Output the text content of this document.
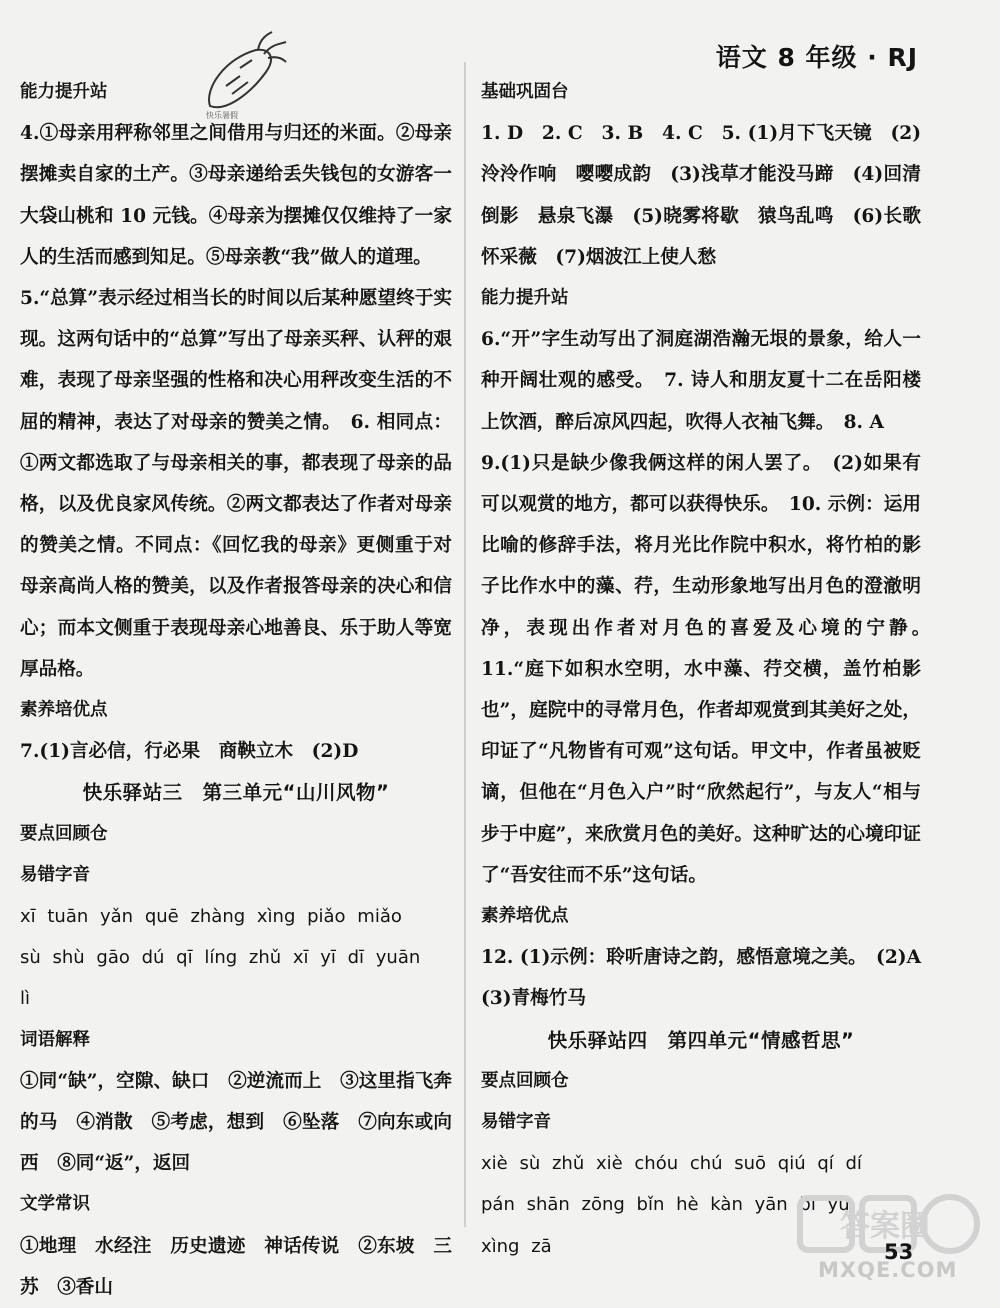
语文 8 年级 · RJ
快乐暑假
能力提升站
4.①母亲用秤称邻里之间借用与归还的米面。②母亲摆摊卖自家的土产。③母亲递给丢失钱包的女游客一大袋山桃和 10 元钱。④母亲为摆摊仅仅维持了一家人的生活而感到知足。⑤母亲教“我”做人的道理。
5.“总算”表示经过相当长的时间以后某种愿望终于实现。这两句话中的“总算”写出了母亲买秤、认秤的艰难，表现了母亲坚强的性格和决心用秤改变生活的不屈的精神，表达了对母亲的赞美之情。　6. 相同点：①两文都选取了与母亲相关的事，都表现了母亲的品格，以及优良家风传统。②两文都表达了作者对母亲的赞美之情。不同点：《回忆我的母亲》更侧重于对母亲高尚人格的赞美，以及作者报答母亲的决心和信心；而本文侧重于表现母亲心地善良、乐于助人等宽厚品格。
素养培优点
7.(1)言必信，行必果　商鞅立木　(2)D
快乐驿站三　第三单元“山川风物”
要点回顾仓
易错字音
xī tuān yǎn quē zhàng xìng piǎo miǎo
sù shù gāo dú qī líng zhǔ xī yī dī yuān
lì
词语解释
①同“缺”，空隙、缺口　②逆流而上　③这里指飞奔的马　④消散　⑤考虑，想到　⑥坠落　⑦向东或向西　⑧同“返”，返回
文学常识
①地理　水经注　历史遗迹　神话传说　②东坡　三苏　③香山
基础巩固台
1. D　2. C　3. B　4. C　5. (1)月下飞天镜　(2)泠泠作响　嘤嘤成韵　(3)浅草才能没马蹄　(4)回清倒影　悬泉飞瀑　(5)晓雾将歇　猿鸟乱鸣　(6)长歌怀采薇　(7)烟波江上使人愁
能力提升站
6.“开”字生动写出了洞庭湖浩瀚无垠的景象，给人一种开阔壮观的感受。　7. 诗人和朋友夏十二在岳阳楼上饮酒，醉后凉风四起，吹得人衣袖飞舞。　8. A
9.(1)只是缺少像我俩这样的闲人罢了。　(2)如果有可以观赏的地方，都可以获得快乐。　10. 示例：运用比喻的修辞手法，将月光比作院中积水，将竹柏的影子比作水中的藻、荇，生动形象地写出月色的澄澈明净，表现出作者对月色的喜爱及心境的宁静。　11.“庭下如积水空明，水中藻、荇交横，盖竹柏影也”，庭院中的寻常月色，作者却观赏到其美好之处，印证了“凡物皆有可观”这句话。甲文中，作者虽被贬谪，但他在“月色入户”时“欣然起行”，与友人“相与步于中庭”，来欣赏月色的美好。这种旷达的心境印证了“吾安往而不乐”这句话。
素养培优点
12. (1)示例：聆听唐诗之韵，感悟意境之美。　(2)A　(3)青梅竹马
快乐驿站四　第四单元“情感哲思”
要点回顾仓
易错字音
xiè sù zhǔ xiè chóu chú suō qiú qí dí
pán shān zōng bǐn hè kàn yān bì yú
xìng zā
答案圈
MXQE.COM
53
